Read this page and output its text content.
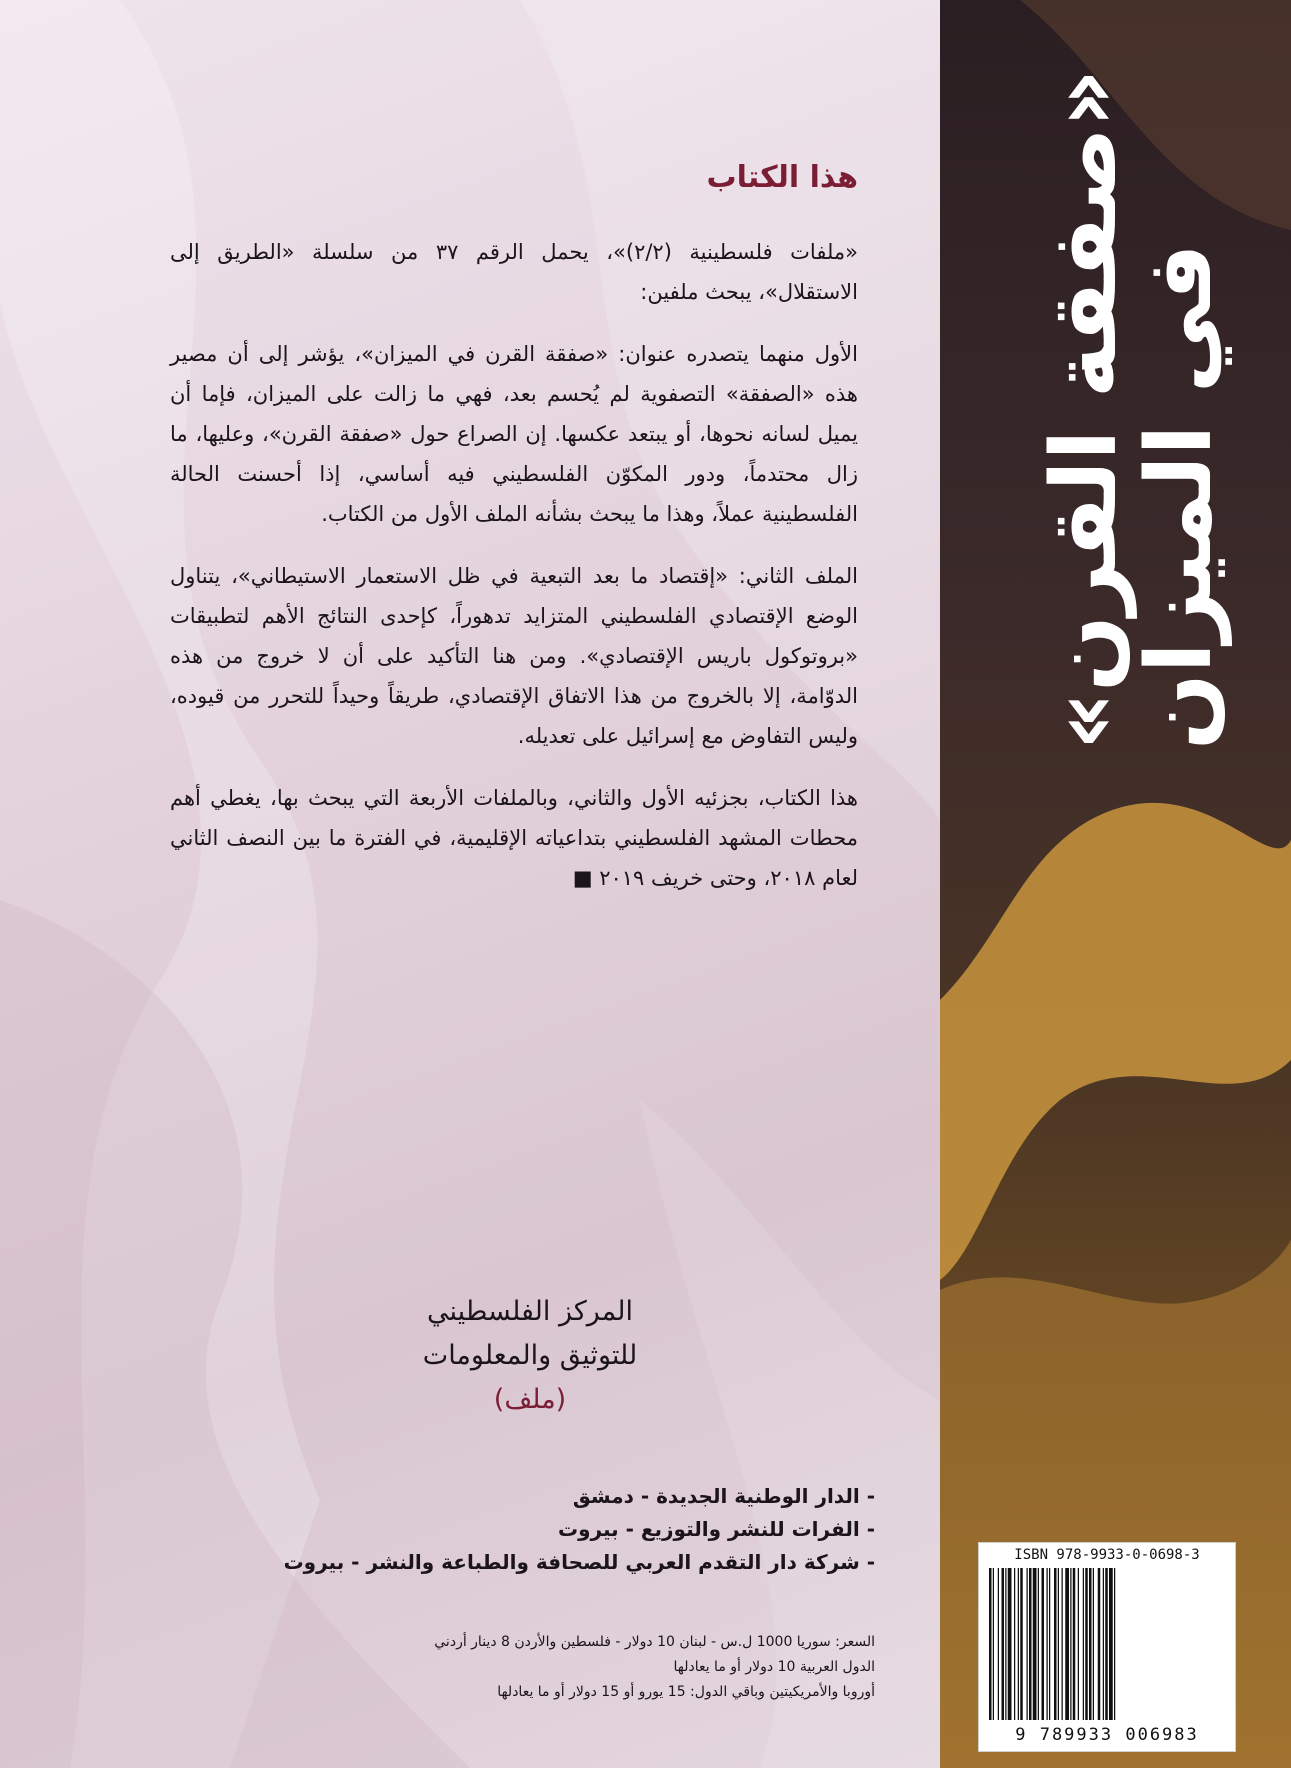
«صفقة القرن»
في الميزان
هذا الكتاب

«ملفات فلسطينية (٢/٢)»، يحمل الرقم ٣٧ من سلسلة «الطريق إلى الاستقلال»، يبحث ملفين:

الأول منهما يتصدره عنوان: «صفقة القرن في الميزان»، يؤشر إلى أن مصير هذه «الصفقة» التصفوية لم يُحسم بعد، فهي ما زالت على الميزان، فإما أن يميل لسانه نحوها، أو يبتعد عكسها. إن الصراع حول «صفقة القرن»، وعليها، ما زال محتدماً، ودور المكوّن الفلسطيني فيه أساسي، إذا أحسنت الحالة الفلسطينية عملاً، وهذا ما يبحث بشأنه الملف الأول من الكتاب.

الملف الثاني: «إقتصاد ما بعد التبعية في ظل الاستعمار الاستيطاني»، يتناول الوضع الإقتصادي الفلسطيني المتزايد تدهوراً، كإحدى النتائج الأهم لتطبيقات «بروتوكول باريس الإقتصادي». ومن هنا التأكيد على أن لا خروج من هذه الدوّامة، إلا بالخروج من هذا الاتفاق الإقتصادي، طريقاً وحيداً للتحرر من قيوده، وليس التفاوض مع إسرائيل على تعديله.

هذا الكتاب، بجزئيه الأول والثاني، وبالملفات الأربعة التي يبحث بها، يغطي أهم محطات المشهد الفلسطيني بتداعياته الإقليمية، في الفترة ما بين النصف الثاني لعام ٢٠١٨، وحتى خريف ٢٠١٩ ■

المركز الفلسطيني
للتوثيق والمعلومات
(ملف)
- الدار الوطنية الجديدة - دمشق
- الفرات للنشر والتوزيع - بيروت
- شركة دار التقدم العربي للصحافة والطباعة والنشر - بيروت
السعر: سوريا 1000 ل.س - لبنان 10 دولار - فلسطين والأردن 8 دينار أردني
الدول العربية 10 دولار أو ما يعادلها
أوروبا والأمريكيتين وباقي الدول: 15 يورو أو 15 دولار أو ما يعادلها
ISBN 978-9933-0-0698-3
9 789933 006983
